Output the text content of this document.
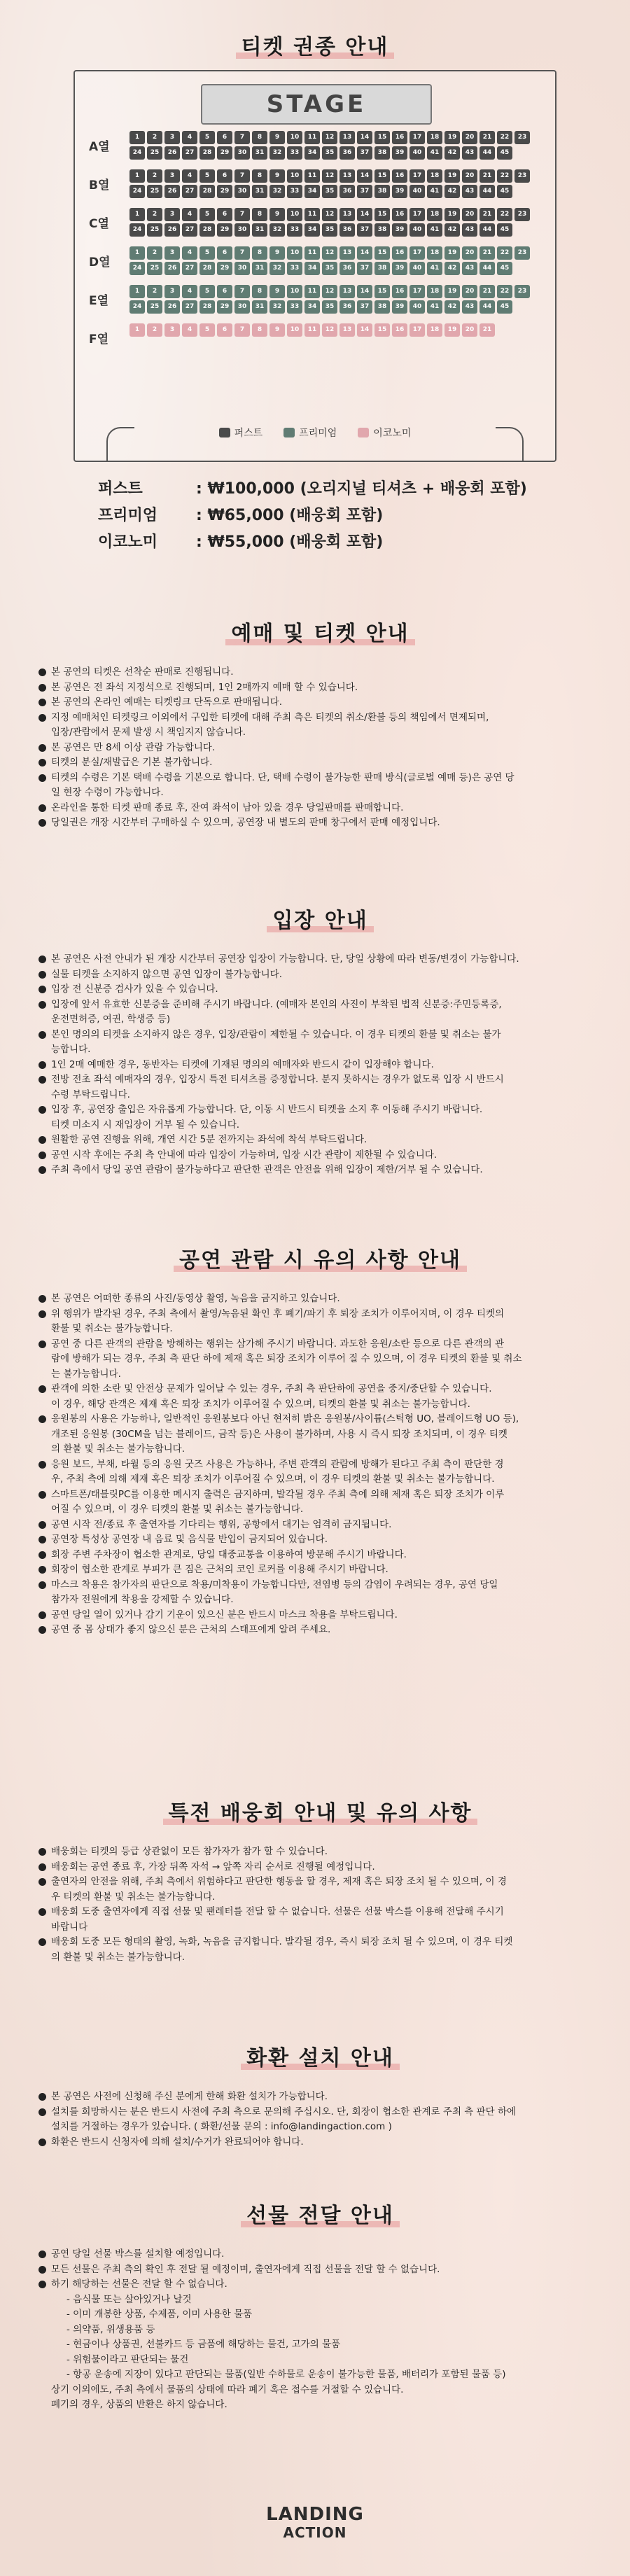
티켓 권종 안내
STAGE
A열
1	2	3	4	5	6	7	8	9	10	11	12	13	14	15	16	17	18	19	20	21	22	23
24	25	26	27	28	29	30	31	32	33	34	35	36	37	38	39	40	41	42	43	44	45
B열
1	2	3	4	5	6	7	8	9	10	11	12	13	14	15	16	17	18	19	20	21	22	23
24	25	26	27	28	29	30	31	32	33	34	35	36	37	38	39	40	41	42	43	44	45
C열
1	2	3	4	5	6	7	8	9	10	11	12	13	14	15	16	17	18	19	20	21	22	23
24	25	26	27	28	29	30	31	32	33	34	35	36	37	38	39	40	41	42	43	44	45
D열
1	2	3	4	5	6	7	8	9	10	11	12	13	14	15	16	17	18	19	20	21	22	23
24	25	26	27	28	29	30	31	32	33	34	35	36	37	38	39	40	41	42	43	44	45
E열
1	2	3	4	5	6	7	8	9	10	11	12	13	14	15	16	17	18	19	20	21	22	23
24	25	26	27	28	29	30	31	32	33	34	35	36	37	38	39	40	41	42	43	44	45
F열
1	2	3	4	5	6	7	8	9	10	11	12	13	14	15	16	17	18	19	20	21
퍼스트	프리미엄	이코노미
퍼스트	: ₩100,000 (오리지널 티셔츠 + 배웅회 포함)
프리미엄 : ₩65,000 (배웅회 포함)
이코노미 : ₩55,000 (배웅회 포함)
예매 및 티켓 안내
본 공연의 티켓은 선착순 판매로 진행됩니다.
본 공연은 전 좌석 지정석으로 진행되며, 1인 2매까지 예매 할 수 있습니다.
본 공연의 온라인 예매는 티켓링크 단독으로 판매됩니다.
지정 예매처인 티켓링크 이외에서 구입한 티켓에 대해 주최 측은 티켓의 취소/환불 등의 책임에서 면제되며,
입장/관람에서 문제 발생 시 책임지지 않습니다.
본 공연은 만 8세 이상 관람 가능합니다.
티켓의 분실/재발급은 기본 불가합니다.
티켓의 수령은 기본 택배 수령을 기본으로 합니다. 단, 택배 수령이 불가능한 판매 방식(글로벌 예매 등)은 공연 당
일 현장 수령이 가능합니다.
온라인을 통한 티켓 판매 종료 후, 잔여 좌석이 남아 있을 경우 당일판매를 판매합니다.
당일권은 개장 시간부터 구매하실 수 있으며, 공연장 내 별도의 판매 창구에서 판매 예정입니다.
입장 안내
본 공연은 사전 안내가 된 개장 시간부터 공연장 입장이 가능합니다. 단, 당일 상황에 따라 변동/변경이 가능합니다.
실물 티켓을 소지하지 않으면 공연 입장이 불가능합니다.
입장 전 신분증 검사가 있을 수 있습니다.
입장에 앞서 유효한 신분증을 준비해 주시기 바랍니다. (예매자 본인의 사진이 부착된 법적 신분증:주민등록증,
운전면허증, 여권, 학생증 등)
본인 명의의 티켓을 소지하지 않은 경우, 입장/관람이 제한될 수 있습니다. 이 경우 티켓의 환불 및 취소는 불가
능합니다.
1인 2매 예매한 경우, 동반자는 티켓에 기재된 명의의 예매자와 반드시 같이 입장해야 합니다.
전방 전초 좌석 예매자의 경우, 입장시 특전 티셔츠를 증정합니다. 분지 못하시는 경우가 없도록 입장 시 반드시
수령 부탁드립니다.
입장 후, 공연장 출입은 자유롭게 가능합니다. 단, 이동 시 반드시 티켓을 소지 후 이동해 주시기 바랍니다.
티켓 미소지 시 재입장이 거부 될 수 있습니다.
원활한 공연 진행을 위해, 개연 시간 5분 전까지는 좌석에 착석 부탁드립니다.
공연 시작 후에는 주최 측 안내에 따라 입장이 가능하며, 입장 시간 관람이 제한될 수 있습니다.
주최 측에서 당일 공연 관람이 불가능하다고 판단한 관객은 안전을 위해 입장이 제한/거부 될 수 있습니다.
공연 관람 시 유의 사항 안내
본 공연은 어떠한 종류의 사진/동영상 촬영, 녹음을 금지하고 있습니다.
위 행위가 발각된 경우, 주최 측에서 촬영/녹음된 확인 후 폐기/파기 후 퇴장 조치가 이루어지며, 이 경우 티켓의
환불 및 취소는 불가능합니다.
공연 중 다른 관객의 관람을 방해하는 행위는 삼가해 주시기 바랍니다. 과도한 응원/소란 등으로 다른 관객의 관
람에 방해가 되는 경우, 주최 측 판단 하에 제재 혹은 퇴장 조치가 이루어 질 수 있으며, 이 경우 티켓의 환불 및 취소
는 불가능합니다.
관객에 의한 소란 및 안전상 문제가 일어날 수 있는 경우, 주최 측 판단하에 공연을 중지/중단할 수 있습니다.
이 경우, 해당 관객은 제재 혹은 퇴장 조치가 이루어질 수 있으며, 티켓의 환불 및 취소는 불가능합니다.
응원봉의 사용은 가능하나, 일반적인 응원봉보다 아닌 현저히 밝은 응원봉/사이륨(스틱형 UO, 블레이드형 UO 등),
개조된 응원봉 (30CM을 넘는 블레이드, 금작 등)은 사용이 불가하며, 사용 시 즉시 퇴장 조치되며, 이 경우 티켓
의 환불 및 취소는 불가능합니다.
응원 보드, 부채, 타월 등의 응원 굿즈 사용은 가능하나, 주변 관객의 관람에 방해가 된다고 주최 측이 판단한 경
우, 주최 측에 의해 제재 혹은 퇴장 조치가 이루어질 수 있으며, 이 경우 티켓의 환불 및 취소는 불가능합니다.
스마트폰/태블릿PC를 이용한 메시지 출력은 금지하며, 발각될 경우 주최 측에 의해 제재 혹은 퇴장 조치가 이루
어질 수 있으며, 이 경우 티켓의 환불 및 취소는 불가능합니다.
공연 시작 전/종료 후 출연자를 기다리는 행위, 공항에서 대기는 엄격히 금지됩니다.
공연장 특성상 공연장 내 음료 및 음식물 반입이 금지되어 있습니다.
회장 주변 주차장이 협소한 관계로, 당일 대중교통을 이용하여 방문해 주시기 바랍니다.
회장이 협소한 관계로 부피가 큰 짐은 근처의 코인 로커를 이용해 주시기 바랍니다.
마스크 착용은 참가자의 판단으로 착용/미착용이 가능합니다만, 전염병 등의 감염이 우려되는 경우, 공연 당일
참가자 전원에게 착용을 강제할 수 있습니다.
공연 당일 열이 있거나 감기 기운이 있으신 분은 반드시 마스크 착용을 부탁드립니다.
공연 중 몸 상태가 좋지 않으신 분은 근처의 스태프에게 알려 주세요.
특전 배웅회 안내 및 유의 사항
배웅회는 티켓의 등급 상관없이 모든 참가자가 참가 할 수 있습니다.
배웅회는 공연 종료 후, 가장 뒤쪽 자석 → 앞쪽 자리 순서로 진행될 예정입니다.
출연자의 안전을 위해, 주최 측에서 위험하다고 판단한 행동을 할 경우, 제재 혹은 퇴장 조치 될 수 있으며, 이 경
우 티켓의 환불 및 취소는 불가능합니다.
배웅회 도중 출연자에게 직접 선물 및 팬레터를 전달 할 수 없습니다. 선물은 선물 박스를 이용해 전달해 주시기
바랍니다
배웅회 도중 모든 형태의 촬영, 녹화, 녹음을 금지합니다. 발각될 경우, 즉시 퇴장 조치 될 수 있으며, 이 경우 티켓
의 환불 및 취소는 불가능합니다.
화환 설치 안내
본 공연은 사전에 신청해 주신 분에게 한해 화환 설치가 가능합니다.
설치를 희망하시는 분은 반드시 사전에 주최 측으로 문의해 주십시오. 단, 회장이 협소한 관계로 주최 측 판단 하에
설치를 거절하는 경우가 있습니다. ( 화환/선물 문의 : info@landingaction.com )
화환은 반드시 신청자에 의해 설치/수거가 완료되어야 합니다.
선물 전달 안내
공연 당일 선물 박스를 설치할 예정입니다.
모든 선물은 주최 측의 확인 후 전달 될 예정이며, 출연자에게 직접 선물을 전달 할 수 없습니다.
하기 해당하는 선물은 전달 할 수 없습니다.
- 음식물 또는 살아있거나 날것
- 이미 개봉한 상품, 수제품, 이미 사용한 물품
- 의약품, 위생용품 등
- 현금이나 상품권, 선불카드 등 금품에 해당하는 물건, 고가의 물품
- 위험물이라고 판단되는 물건
- 항공 운송에 지장이 있다고 판단되는 물품(일반 수하물로 운송이 불가능한 물품, 배터리가 포함된 물품 등)
상기 이외에도, 주최 측에서 물품의 상태에 따라 폐기 혹은 접수를 거절할 수 있습니다.
폐기의 경우, 상품의 반환은 하지 않습니다.
LANDING
ACTION
